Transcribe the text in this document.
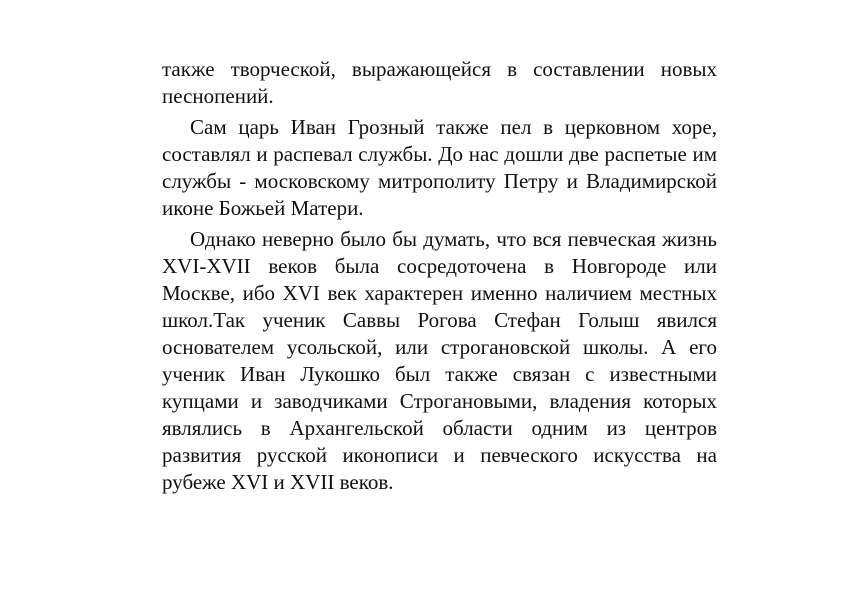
также творческой, выражающейся в составлении новых песнопений.

Сам царь Иван Грозный также пел в церковном хоре, составлял и распевал службы. До нас дошли две распетые им службы - московскому митрополиту Петру и Владимирской иконе Божьей Матери.

Однако неверно было бы думать, что вся певческая жизнь XVI-XVII веков была сосредоточена в Новгороде или Москве, ибо XVI век характерен именно наличием местных школ.Так ученик Саввы Рогова Стефан Голыш явился основателем усольской, или строгановской школы. А его ученик Иван Лукошко был также связан с известными купцами и заводчиками Строгановыми, владения которых являлись в Архангельской области одним из центров развития русской иконописи и певческого искусства на рубеже XVI и XVII веков.
